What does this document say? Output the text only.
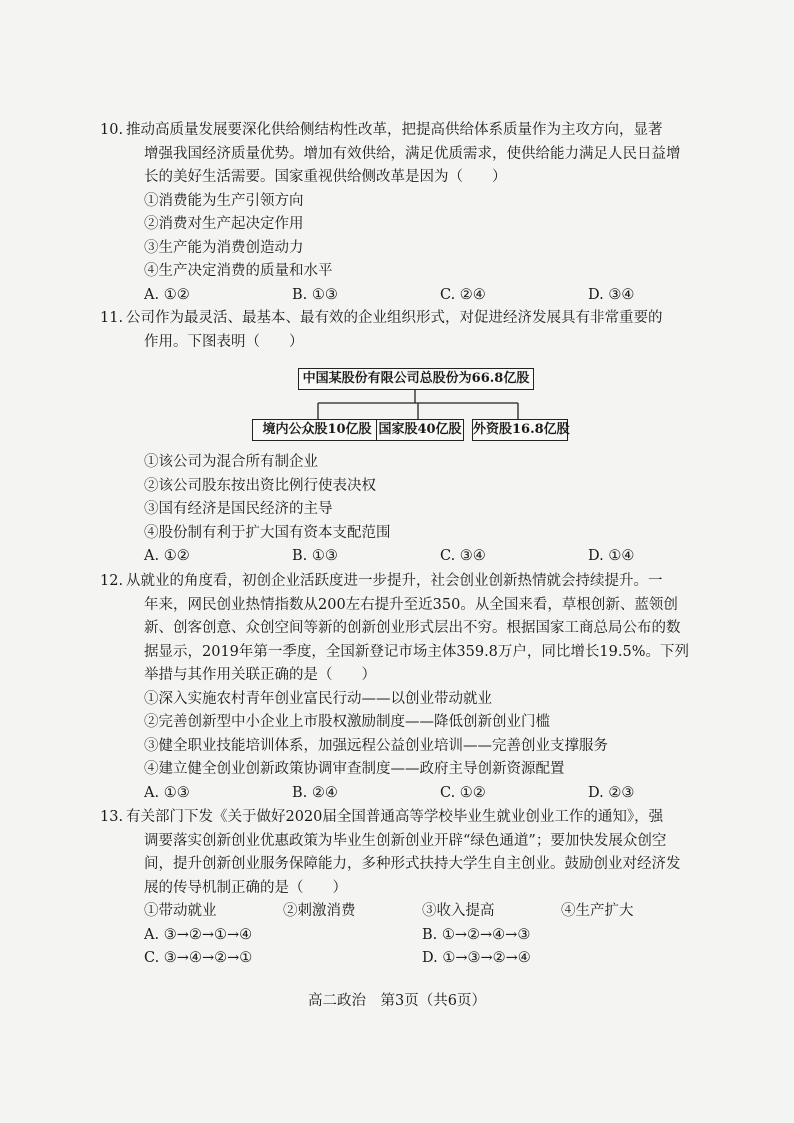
10. 推动高质量发展要深化供给侧结构性改革，把提高供给体系质量作为主攻方向，显著
增强我国经济质量优势。增加有效供给，满足优质需求，使供给能力满足人民日益增
长的美好生活需要。国家重视供给侧改革是因为（　　）
①消费能为生产引领方向
②消费对生产起决定作用
③生产能为消费创造动力
④生产决定消费的质量和水平
A. ①②	B. ①③	C. ②④	D. ③④
11. 公司作为最灵活、最基本、最有效的企业组织形式，对促进经济发展具有非常重要的
作用。下图表明（　　）
中国某股份有限公司总股份为66.8亿股
境内公众股10亿股 国家股40亿股 外资股16.8亿股
①该公司为混合所有制企业
②该公司股东按出资比例行使表决权
③国有经济是国民经济的主导
④股份制有利于扩大国有资本支配范围
A. ①②	B. ①③	C. ③④	D. ①④
12. 从就业的角度看，初创企业活跃度进一步提升，社会创业创新热情就会持续提升。一
年来，网民创业热情指数从200左右提升至近350。从全国来看，草根创新、蓝领创
新、创客创意、众创空间等新的创新创业形式层出不穷。根据国家工商总局公布的数
据显示，2019年第一季度，全国新登记市场主体359.8万户，同比增长19.5%。下列
举措与其作用关联正确的是（　　）
①深入实施农村青年创业富民行动——以创业带动就业
②完善创新型中小企业上市股权激励制度——降低创新创业门槛
③健全职业技能培训体系，加强远程公益创业培训——完善创业支撑服务
④建立健全创业创新政策协调审查制度——政府主导创新资源配置
A. ①③	B. ②④	C. ①②	D. ②③
13. 有关部门下发《关于做好2020届全国普通高等学校毕业生就业创业工作的通知》，强
调要落实创新创业优惠政策为毕业生创新创业开辟“绿色通道”；要加快发展众创空
间，提升创新创业服务保障能力，多种形式扶持大学生自主创业。鼓励创业对经济发
展的传导机制正确的是（　　）
①带动就业	②刺激消费	③收入提高	④生产扩大
A. ③→②→①→④	B. ①→②→④→③
C. ③→④→②→①	D. ①→③→②→④
高二政治　第3页（共6页）
